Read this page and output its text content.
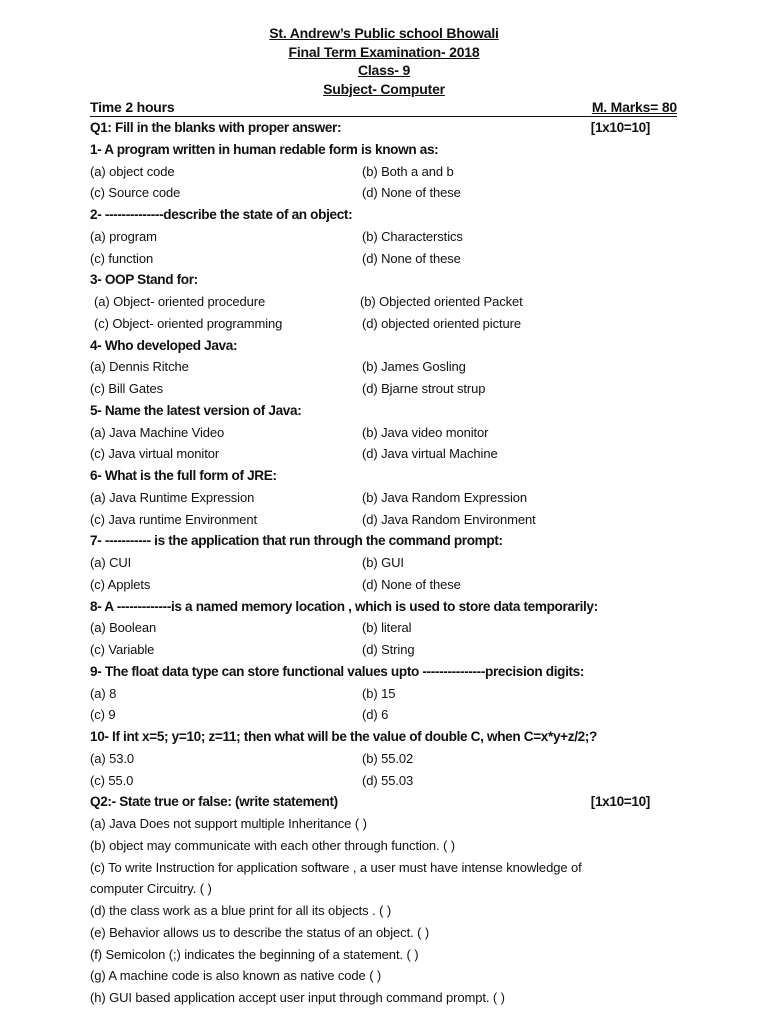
St. Andrew’s Public school Bhowali
Final Term Examination- 2018
Class- 9
Subject- Computer
Time 2 hours	M. Marks= 80
Q1: Fill in the blanks with proper answer:	[1x10=10]
1- A program written in human redable form is known as:
(a) object code	(b) Both a and b
(c) Source code	(d) None of these
2- --------------describe the state of an object:
(a) program	(b) Characterstics
(c) function	(d) None of these
3- OOP Stand for:
(a) Object- oriented procedure	(b) Objected oriented Packet
(c) Object- oriented programming	(d) objected oriented picture
4- Who developed Java:
(a) Dennis Ritche	(b) James Gosling
(c) Bill Gates	(d) Bjarne strout strup
5- Name the latest version of Java:
(a) Java Machine Video	(b) Java video monitor
(c) Java virtual monitor	(d) Java virtual Machine
6- What is the full form of JRE:
(a) Java Runtime Expression	(b) Java Random Expression
(c) Java runtime Environment	(d) Java Random Environment
7- ----------- is the application that run through the command prompt:
(a) CUI	(b) GUI
(c) Applets	(d) None of these
8- A -------------is a named memory location , which is used to store data temporarily:
(a) Boolean	(b) literal
(c) Variable	(d) String
9- The float data type can store functional values upto ---------------precision digits:
(a) 8	(b) 15
(c) 9	(d) 6
10- If int x=5; y=10; z=11; then what will be the value of double C, when C=x*y+z/2;?
(a) 53.0	(b) 55.02
(c) 55.0	(d) 55.03
Q2:- State true or false: (write statement)	[1x10=10]
(a) Java Does not support multiple Inheritance ( )
(b) object may communicate with each other through function. ( )
(c) To write Instruction for application software , a user must have intense knowledge of
computer Circuitry. ( )
(d) the class work as a blue print for all its objects . ( )
(e) Behavior allows us to describe the status of an object. ( )
(f) Semicolon (;) indicates the beginning of a statement. ( )
(g) A machine code is also known as native code ( )
(h) GUI based application accept user input through command prompt. ( )
